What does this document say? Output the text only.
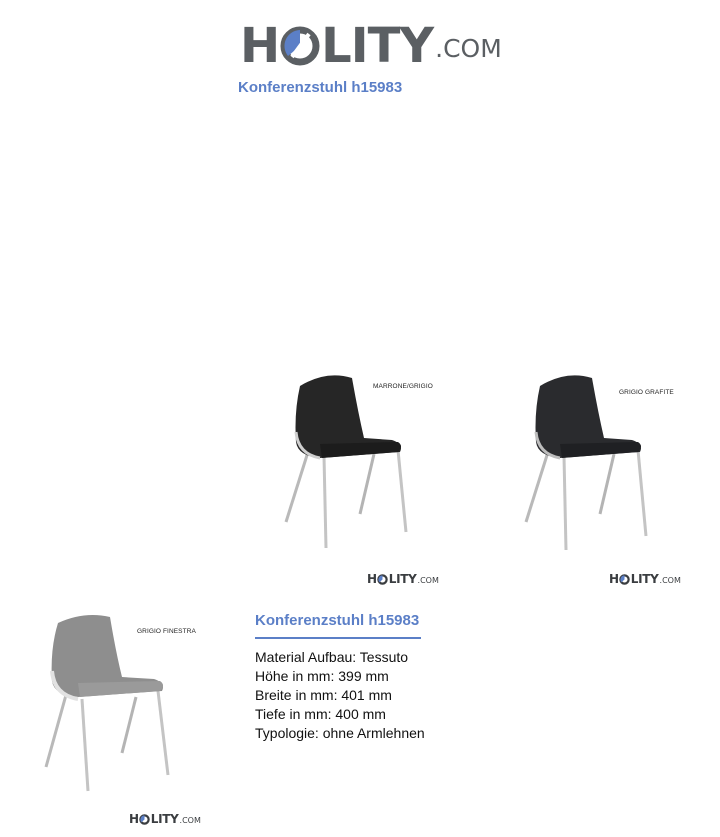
H LITY .COM
Konferenzstuhl h15983
MARRONE/GRIGIO
GRIGIO GRAFITE
GRIGIO FINESTRA
H LITY .COM	H LITY .COM
H LITY .COM
Konferenzstuhl h15983
Material Aufbau: Tessuto
Höhe in mm: 399 mm
Breite in mm: 401 mm
Tiefe in mm: 400 mm
Typologie: ohne Armlehnen
